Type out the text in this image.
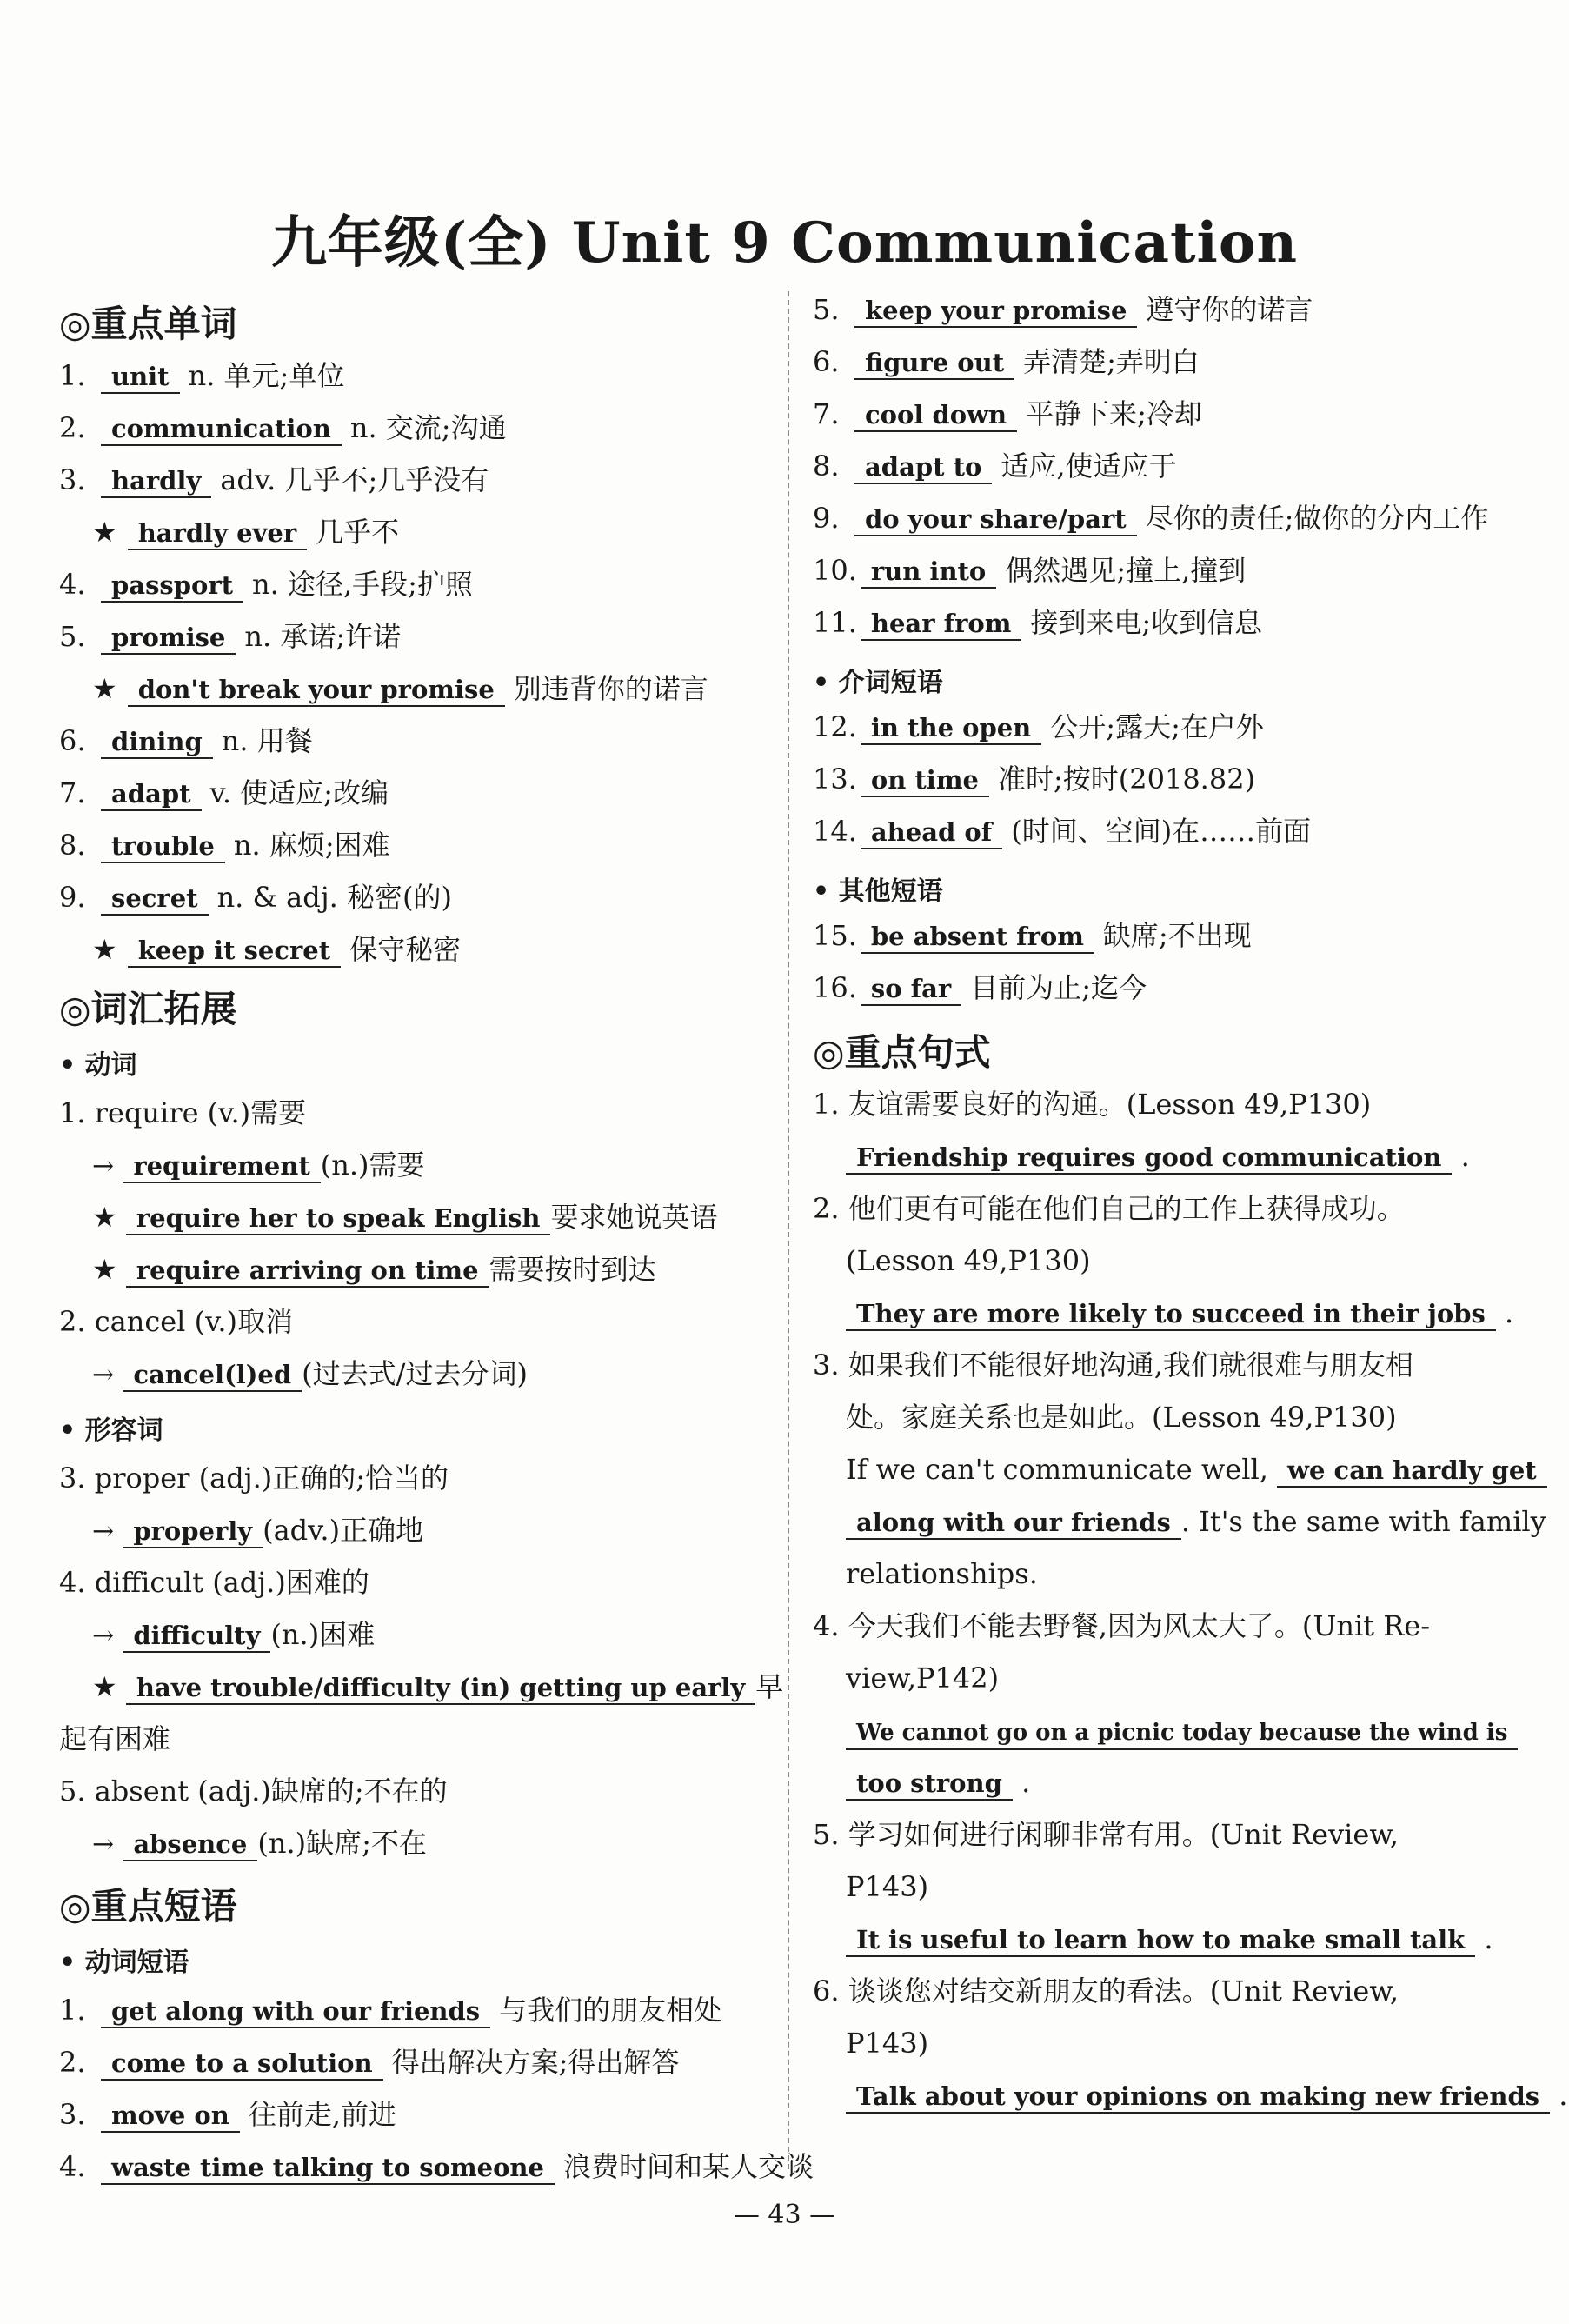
九年级(全) Unit 9 Communication
◎重点单词
1. unit n. 单元;单位
2. communication n. 交流;沟通
3. hardly adv. 几乎不;几乎没有
★ hardly ever 几乎不
4. passport n. 途径,手段;护照
5. promise n. 承诺;许诺
★ don't break your promise 别违背你的诺言
6. dining n. 用餐
7. adapt v. 使适应;改编
8. trouble n. 麻烦;困难
9. secret n. & adj. 秘密(的)
★ keep it secret 保守秘密
◎词汇拓展
• 动词
1. require (v.)需要
→ requirement (n.)需要
★ require her to speak English 要求她说英语
★ require arriving on time 需要按时到达
2. cancel (v.)取消
→ cancel(l)ed (过去式/过去分词)
• 形容词
3. proper (adj.)正确的;恰当的
→ properly (adv.)正确地
4. difficult (adj.)困难的
→ difficulty (n.)困难
★ have trouble/difficulty (in) getting up early 早
起有困难
5. absent (adj.)缺席的;不在的
→ absence (n.)缺席;不在
◎重点短语
• 动词短语
1. get along with our friends 与我们的朋友相处
2. come to a solution 得出解决方案;得出解答
3. move on 往前走,前进
4. waste time talking to someone 浪费时间和某人交谈
5. keep your promise 遵守你的诺言
6. figure out 弄清楚;弄明白
7. cool down 平静下来;冷却
8. adapt to 适应,使适应于
9. do your share/part 尽你的责任;做你的分内工作
10. run into 偶然遇见;撞上,撞到
11. hear from 接到来电;收到信息
• 介词短语
12. in the open 公开;露天;在户外
13. on time 准时;按时(2018.82)
14. ahead of (时间、空间)在……前面
• 其他短语
15. be absent from 缺席;不出现
16. so far 目前为止;迄今
◎重点句式
1. 友谊需要良好的沟通。(Lesson 49,P130)
Friendship requires good communication .
2. 他们更有可能在他们自己的工作上获得成功。
(Lesson 49,P130)
They are more likely to succeed in their jobs .
3. 如果我们不能很好地沟通,我们就很难与朋友相
处。家庭关系也是如此。(Lesson 49,P130)
If we can't communicate well, we can hardly get
along with our friends . It's the same with family
relationships.
4. 今天我们不能去野餐,因为风太大了。(Unit Re-
view,P142)
We cannot go on a picnic today because the wind is
too strong .
5. 学习如何进行闲聊非常有用。(Unit Review,
P143)
It is useful to learn how to make small talk .
6. 谈谈您对结交新朋友的看法。(Unit Review,
P143)
Talk about your opinions on making new friends .
— 43 —
